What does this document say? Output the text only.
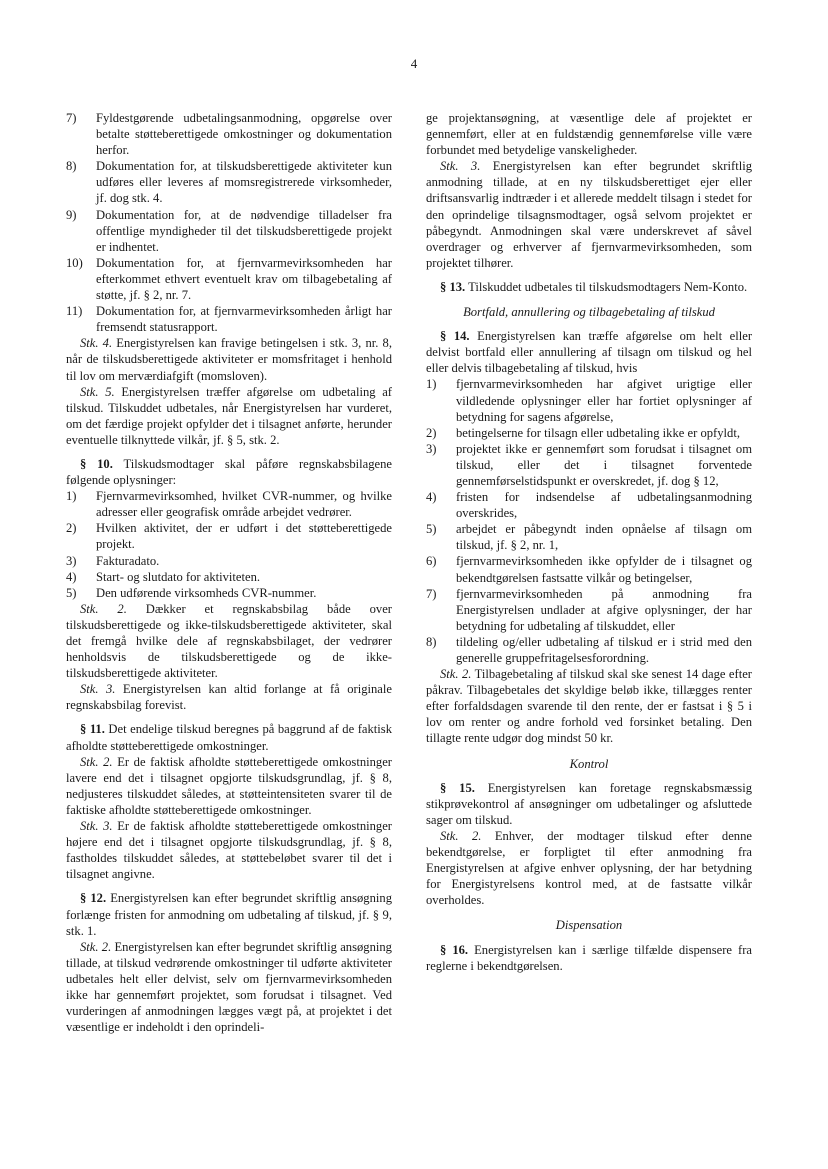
4
7) Fyldestgørende udbetalingsanmodning, opgørelse over betalte støtteberettigede omkostninger og dokumentation herfor.
8) Dokumentation for, at tilskudsberettigede aktiviteter kun udføres eller leveres af momsregistrerede virksomheder, jf. dog stk. 4.
9) Dokumentation for, at de nødvendige tilladelser fra offentlige myndigheder til det tilskudsberettigede projekt er indhentet.
10) Dokumentation for, at fjernvarmevirksomheden har efterkommet ethvert eventuelt krav om tilbagebetaling af støtte, jf. § 2, nr. 7.
11) Dokumentation for, at fjernvarmevirksomheden årligt har fremsendt statusrapport.

Stk. 4. Energistyrelsen kan fravige betingelsen i stk. 3, nr. 8, når de tilskudsberettigede aktiviteter er momsfritaget i henhold til lov om merværdiafgift (momsloven).

Stk. 5. Energistyrelsen træffer afgørelse om udbetaling af tilskud. Tilskuddet udbetales, når Energistyrelsen har vurderet, om det færdige projekt opfylder det i tilsagnet anførte, herunder eventuelle tilknyttede vilkår, jf. § 5, stk. 2.

§ 10. Tilskudsmodtager skal påføre regnskabsbilagene følgende oplysninger:

1) Fjernvarmevirksomhed, hvilket CVR-nummer, og hvilke adresser eller geografisk område arbejdet vedrører.
2) Hvilken aktivitet, der er udført i det støtteberettigede projekt.
3) Fakturadato.
4) Start- og slutdato for aktiviteten.
5) Den udførende virksomheds CVR-nummer.

Stk. 2. Dækker et regnskabsbilag både over tilskudsberettigede og ikke-tilskudsberettigede aktiviteter, skal det fremgå hvilke dele af regnskabsbilaget, der vedrører henholdsvis de tilskudsberettigede og de ikke-tilskudsberettigede aktiviteter.

Stk. 3. Energistyrelsen kan altid forlange at få originale regnskabsbilag forevist.

§ 11. Det endelige tilskud beregnes på baggrund af de faktisk afholdte støtteberettigede omkostninger.

Stk. 2. Er de faktisk afholdte støtteberettigede omkostninger lavere end det i tilsagnet opgjorte tilskudsgrundlag, jf. § 8, nedjusteres tilskuddet således, at støtteintensiteten svarer til de faktiske afholdte støtteberettigede omkostninger.

Stk. 3. Er de faktisk afholdte støtteberettigede omkostninger højere end det i tilsagnet opgjorte tilskudsgrundlag, jf. § 8, fastholdes tilskuddet således, at støttebeløbet svarer til det i tilsagnet angivne.

§ 12. Energistyrelsen kan efter begrundet skriftlig ansøgning forlænge fristen for anmodning om udbetaling af tilskud, jf. § 9, stk. 1.

Stk. 2. Energistyrelsen kan efter begrundet skriftlig ansøgning tillade, at tilskud vedrørende omkostninger til udførte aktiviteter udbetales helt eller delvist, selv om fjernvarmevirksomheden ikke har gennemført projektet, som forudsat i tilsagnet. Ved vurderingen af anmodningen lægges vægt på, at projektet i det væsentlige er indeholdt i den oprindeli-

ge projektansøgning, at væsentlige dele af projektet er gennemført, eller at en fuldstændig gennemførelse ville være forbundet med betydelige vanskeligheder.

Stk. 3. Energistyrelsen kan efter begrundet skriftlig anmodning tillade, at en ny tilskudsberettiget ejer eller driftsansvarlig indtræder i et allerede meddelt tilsagn i stedet for den oprindelige tilsagnsmodtager, også selvom projektet er påbegyndt. Anmodningen skal være underskrevet af såvel overdrager og erhverver af fjernvarmevirksomheden, som projektet tilhører.

§ 13. Tilskuddet udbetales til tilskudsmodtagers Nem-Konto.

Bortfald, annullering og tilbagebetaling af tilskud

§ 14. Energistyrelsen kan træffe afgørelse om helt eller delvist bortfald eller annullering af tilsagn om tilskud og hel eller delvis tilbagebetaling af tilskud, hvis

1) fjernvarmevirksomheden har afgivet urigtige eller vildledende oplysninger eller har fortiet oplysninger af betydning for sagens afgørelse,
2) betingelserne for tilsagn eller udbetaling ikke er opfyldt,
3) projektet ikke er gennemført som forudsat i tilsagnet om tilskud, eller det i tilsagnet forventede gennemførselstidspunkt er overskredet, jf. dog § 12,
4) fristen for indsendelse af udbetalingsanmodning overskrides,
5) arbejdet er påbegyndt inden opnåelse af tilsagn om tilskud, jf. § 2, nr. 1,
6) fjernvarmevirksomheden ikke opfylder de i tilsagnet og bekendtgørelsen fastsatte vilkår og betingelser,
7) fjernvarmevirksomheden på anmodning fra Energistyrelsen undlader at afgive oplysninger, der har betydning for udbetaling af tilskuddet, eller
8) tildeling og/eller udbetaling af tilskud er i strid med den generelle gruppefritagelsesforordning.

Stk. 2. Tilbagebetaling af tilskud skal ske senest 14 dage efter påkrav. Tilbagebetales det skyldige beløb ikke, tillægges renter efter forfaldsdagen svarende til den rente, der er fastsat i § 5 i lov om renter og andre forhold ved forsinket betaling. Den tillagte rente udgør dog mindst 50 kr.

Kontrol

§ 15. Energistyrelsen kan foretage regnskabsmæssig stikprøvekontrol af ansøgninger om udbetalinger og afsluttede sager om tilskud.

Stk. 2. Enhver, der modtager tilskud efter denne bekendtgørelse, er forpligtet til efter anmodning fra Energistyrelsen at afgive enhver oplysning, der har betydning for Energistyrelsens kontrol med, at de fastsatte vilkår overholdes.

Dispensation

§ 16. Energistyrelsen kan i særlige tilfælde dispensere fra reglerne i bekendtgørelsen.
